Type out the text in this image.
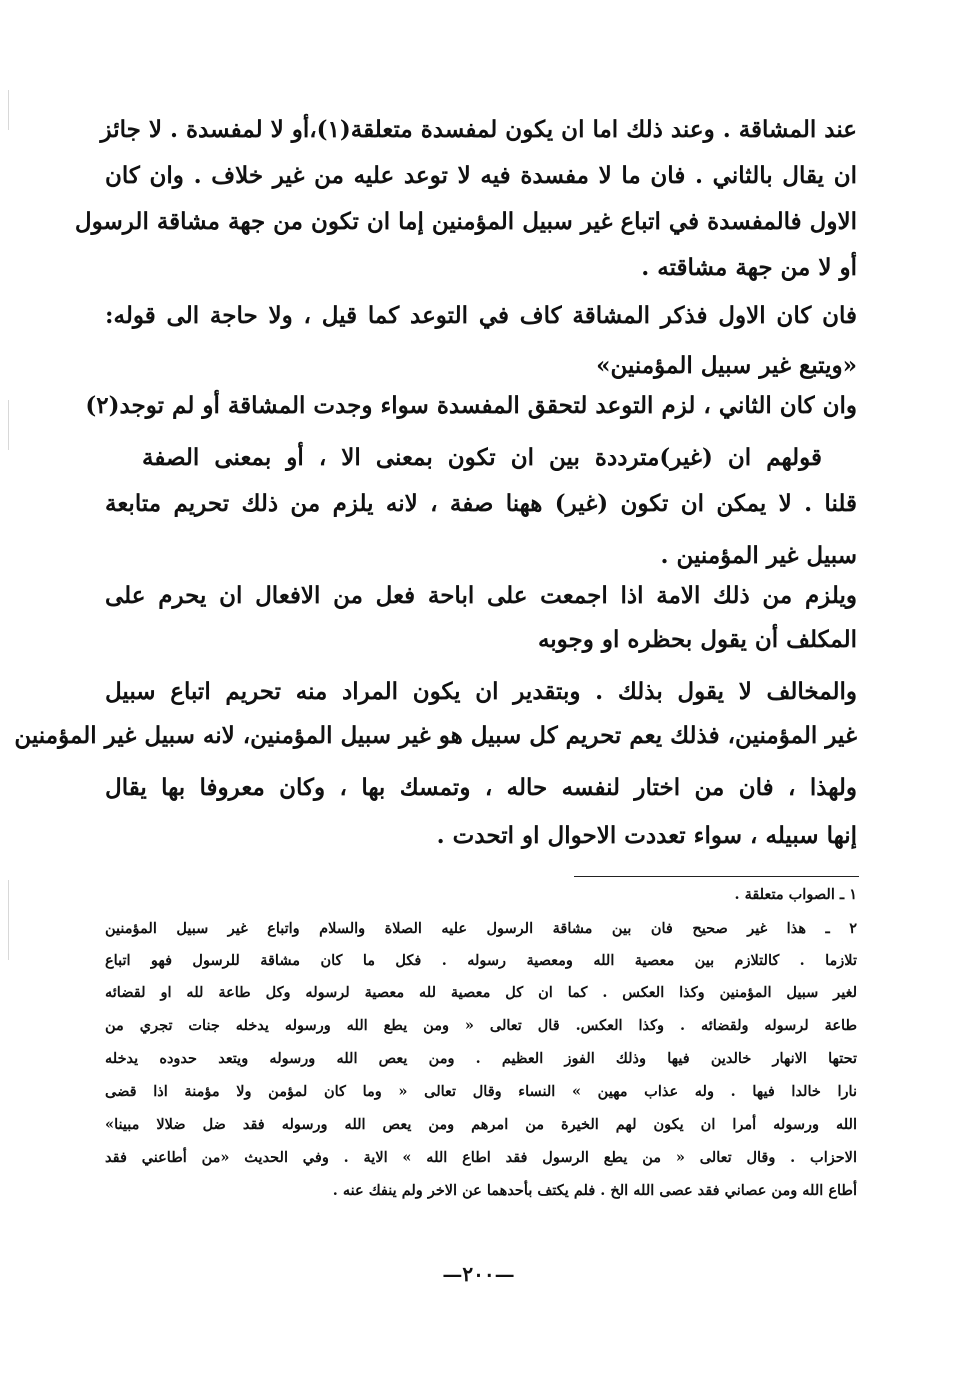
عند المشاقة . وعند ذلك اما ان يكون لمفسدة متعلقة(١)،أو لا لمفسدة . لا جائز
ان يقال بالثاني . فان ما لا مفسدة فيه لا توعد عليه من غير خلاف . وان كان
الاول فالمفسدة في اتباع غير سبيل المؤمنين إما ان تكون من جهة مشاقة الرسول
أو لا من جهة مشاقته .
فان كان الاول فذكر المشاقة كاف في التوعد كما قيل ، ولا حاجة الى قوله:
«ويتبع غير سبيل المؤمنين»
وان كان الثاني ، لزم التوعد لتحقق المفسدة سواء وجدت المشاقة أو لم توجد(٢)
قولهم ان (غير)مترددة بين ان تكون بمعنى الا ، أو بمعنى الصفة
قلنا . لا يمكن ان تكون (غير) ههنا صفة ، لانه يلزم من ذلك تحريم متابعة
سبيل غير المؤمنين .
ويلزم من ذلك الامة اذا اجمعت على اباحة فعل من الافعال ان يحرم على
المكلف أن يقول بحظره او وجوبه
والمخالف لا يقول بذلك . وبتقدير ان يكون المراد منه تحريم اتباع سبيل
غير المؤمنين، فذلك يعم تحريم كل سبيل هو غير سبيل المؤمنين، لانه سبيل غير المؤمنين
ولهذا ، فان من اختار لنفسه حاله ، وتمسك بها ، وكان معروفا بها يقال
إنها سبيله ، سواء تعددت الاحوال او اتحدت .
١ ـ الصواب متعلقة .
٢ ـ هذا غير صحيح فان بين مشاقة الرسول عليه الصلاة والسلام واتباع غير سبيل المؤمنين
تلازما . كالتلازم بين معصية الله ومعصية رسوله . فكل ما كان مشاقة للرسول فهو اتباع
لغير سبيل المؤمنين وكذا العكس . كما ان كل معصية لله معصية لرسوله وكل طاعة لله او لقضائه
طاعة لرسوله ولقضائه . وكذا العكس. قال تعالى « ومن يطع الله ورسوله يدخله جنات تجري من
تحتها الانهار خالدين فيها وذلك الفوز العظيم . ومن يعص الله ورسوله ويتعد حدوده يدخله
نارا خالدا فيها . وله عذاب مهين » النساء وقال تعالى « وما كان لمؤمن ولا مؤمنة اذا قضى
الله ورسوله أمرا ان يكون لهم الخيرة من امرهم ومن يعص الله ورسوله فقد ضل ضلالا مبينا»
الاحزاب . وقال تعالى « من يطع الرسول فقد اطاع الله » الاية . وفي الحديث «من أطاعني فقد
أطاع الله ومن عصاني فقد عصى الله الخ . فلم يكتف بأحدهما عن الاخر ولم ينفك عنه .
—٢٠٠—
